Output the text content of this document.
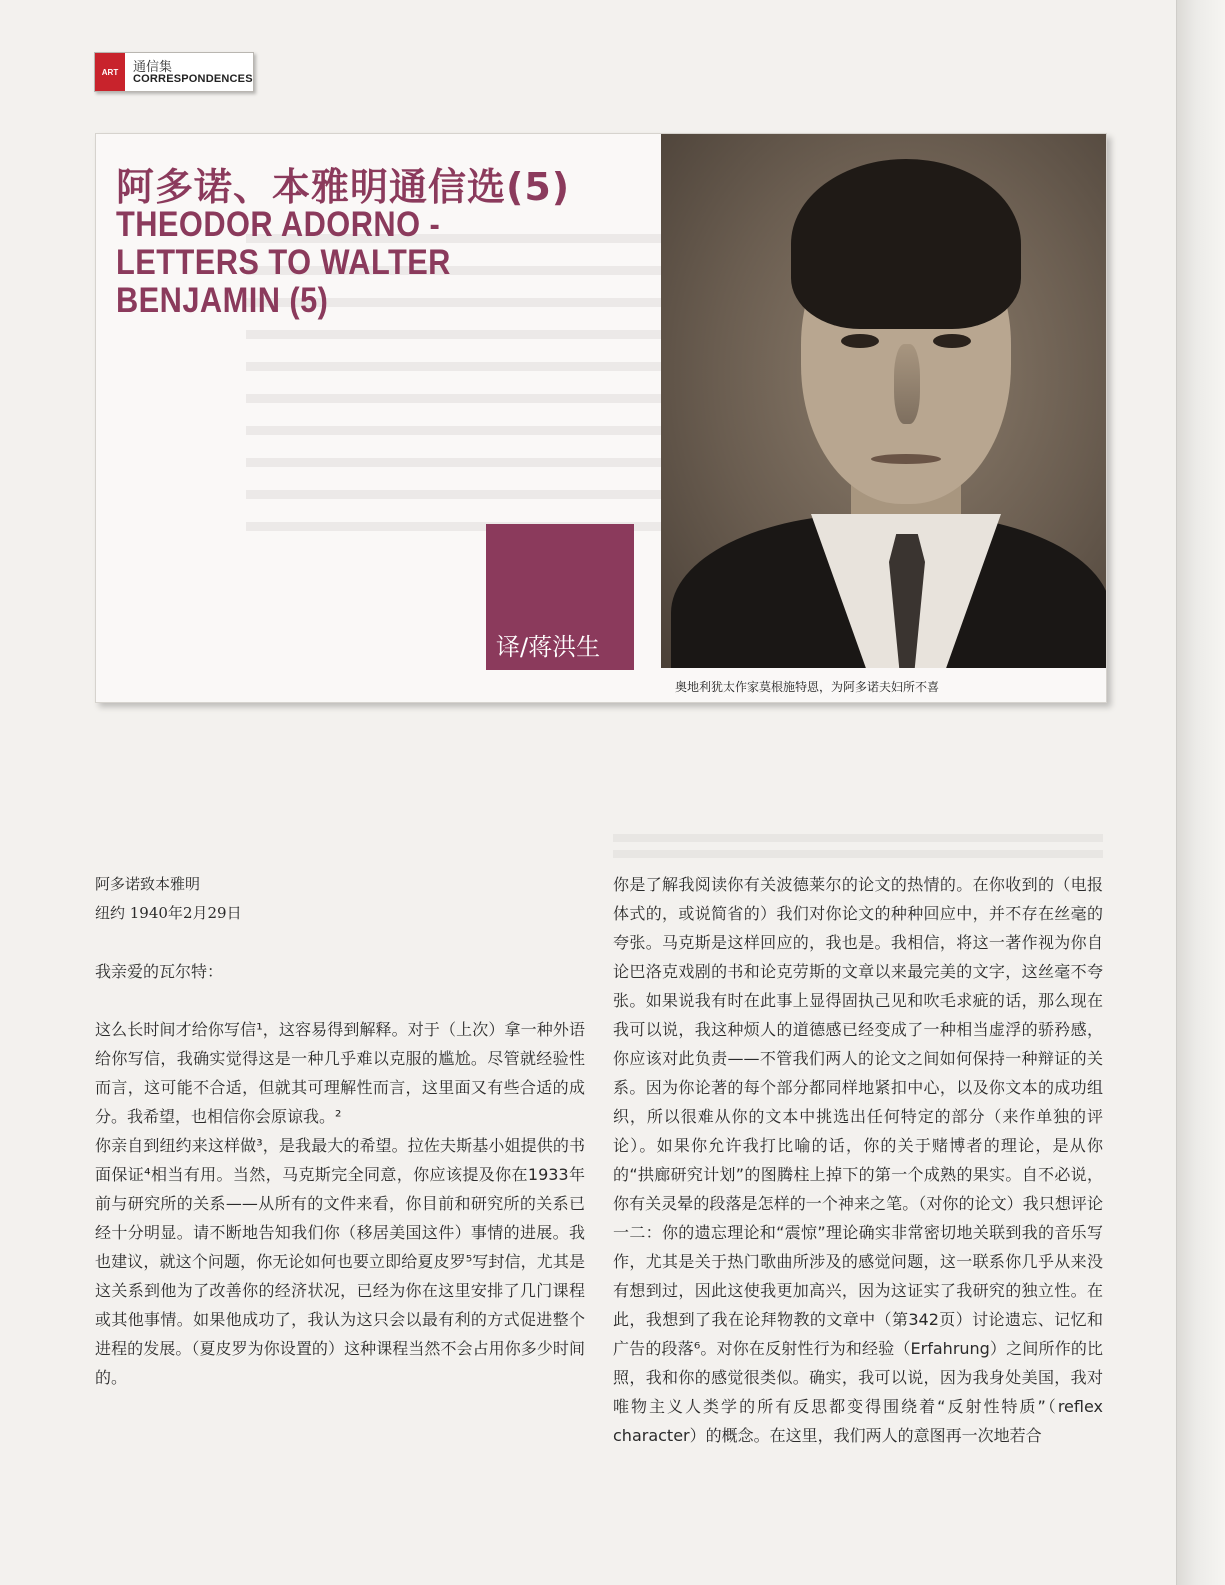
ART 通信集
CORRESPONDENCES
阿多诺、本雅明通信选(5)
THEODOR ADORNO - LETTERS TO WALTER BENJAMIN (5)
译/蒋洪生
奥地利犹太作家莫根施特恩，为阿多诺夫妇所不喜
阿多诺致本雅明
纽约 1940年2月29日

我亲爱的瓦尔特：

这么长时间才给你写信¹，这容易得到解释。对于（上次）拿一种外语给你写信，我确实觉得这是一种几乎难以克服的尴尬。尽管就经验性而言，这可能不合适，但就其可理解性而言，这里面又有些合适的成分。我希望，也相信你会原谅我。²

你亲自到纽约来这样做³，是我最大的希望。拉佐夫斯基小姐提供的书面保证⁴相当有用。当然，马克斯完全同意，你应该提及你在1933年前与研究所的关系——从所有的文件来看，你目前和研究所的关系已经十分明显。请不断地告知我们你（移居美国这件）事情的进展。我也建议，就这个问题，你无论如何也要立即给夏皮罗⁵写封信，尤其是这关系到他为了改善你的经济状况，已经为你在这里安排了几门课程或其他事情。如果他成功了，我认为这只会以最有利的方式促进整个进程的发展。（夏皮罗为你设置的）这种课程当然不会占用你多少时间的。

你是了解我阅读你有关波德莱尔的论文的热情的。在你收到的（电报体式的，或说简省的）我们对你论文的种种回应中，并不存在丝毫的夸张。马克斯是这样回应的，我也是。我相信，将这一著作视为你自论巴洛克戏剧的书和论克劳斯的文章以来最完美的文字，这丝毫不夸张。如果说我有时在此事上显得固执己见和吹毛求疵的话，那么现在我可以说，我这种烦人的道德感已经变成了一种相当虚浮的骄矜感，你应该对此负责——不管我们两人的论文之间如何保持一种辩证的关系。因为你论著的每个部分都同样地紧扣中心，以及你文本的成功组织，所以很难从你的文本中挑选出任何特定的部分（来作单独的评论）。如果你允许我打比喻的话，你的关于赌博者的理论，是从你的“拱廊研究计划”的图腾柱上掉下的第一个成熟的果实。自不必说，你有关灵晕的段落是怎样的一个神来之笔。（对你的论文）我只想评论一二：你的遗忘理论和“震惊”理论确实非常密切地关联到我的音乐写作，尤其是关于热门歌曲所涉及的感觉问题，这一联系你几乎从来没有想到过，因此这使我更加高兴，因为这证实了我研究的独立性。在此，我想到了我在论拜物教的文章中（第342页）讨论遗忘、记忆和广告的段落⁶。对你在反射性行为和经验（Erfahrung）之间所作的比照，我和你的感觉很类似。确实，我可以说，因为我身处美国，我对唯物主义人类学的所有反思都变得围绕着“反射性特质”（reflex character）的概念。在这里，我们两人的意图再一次地若合
